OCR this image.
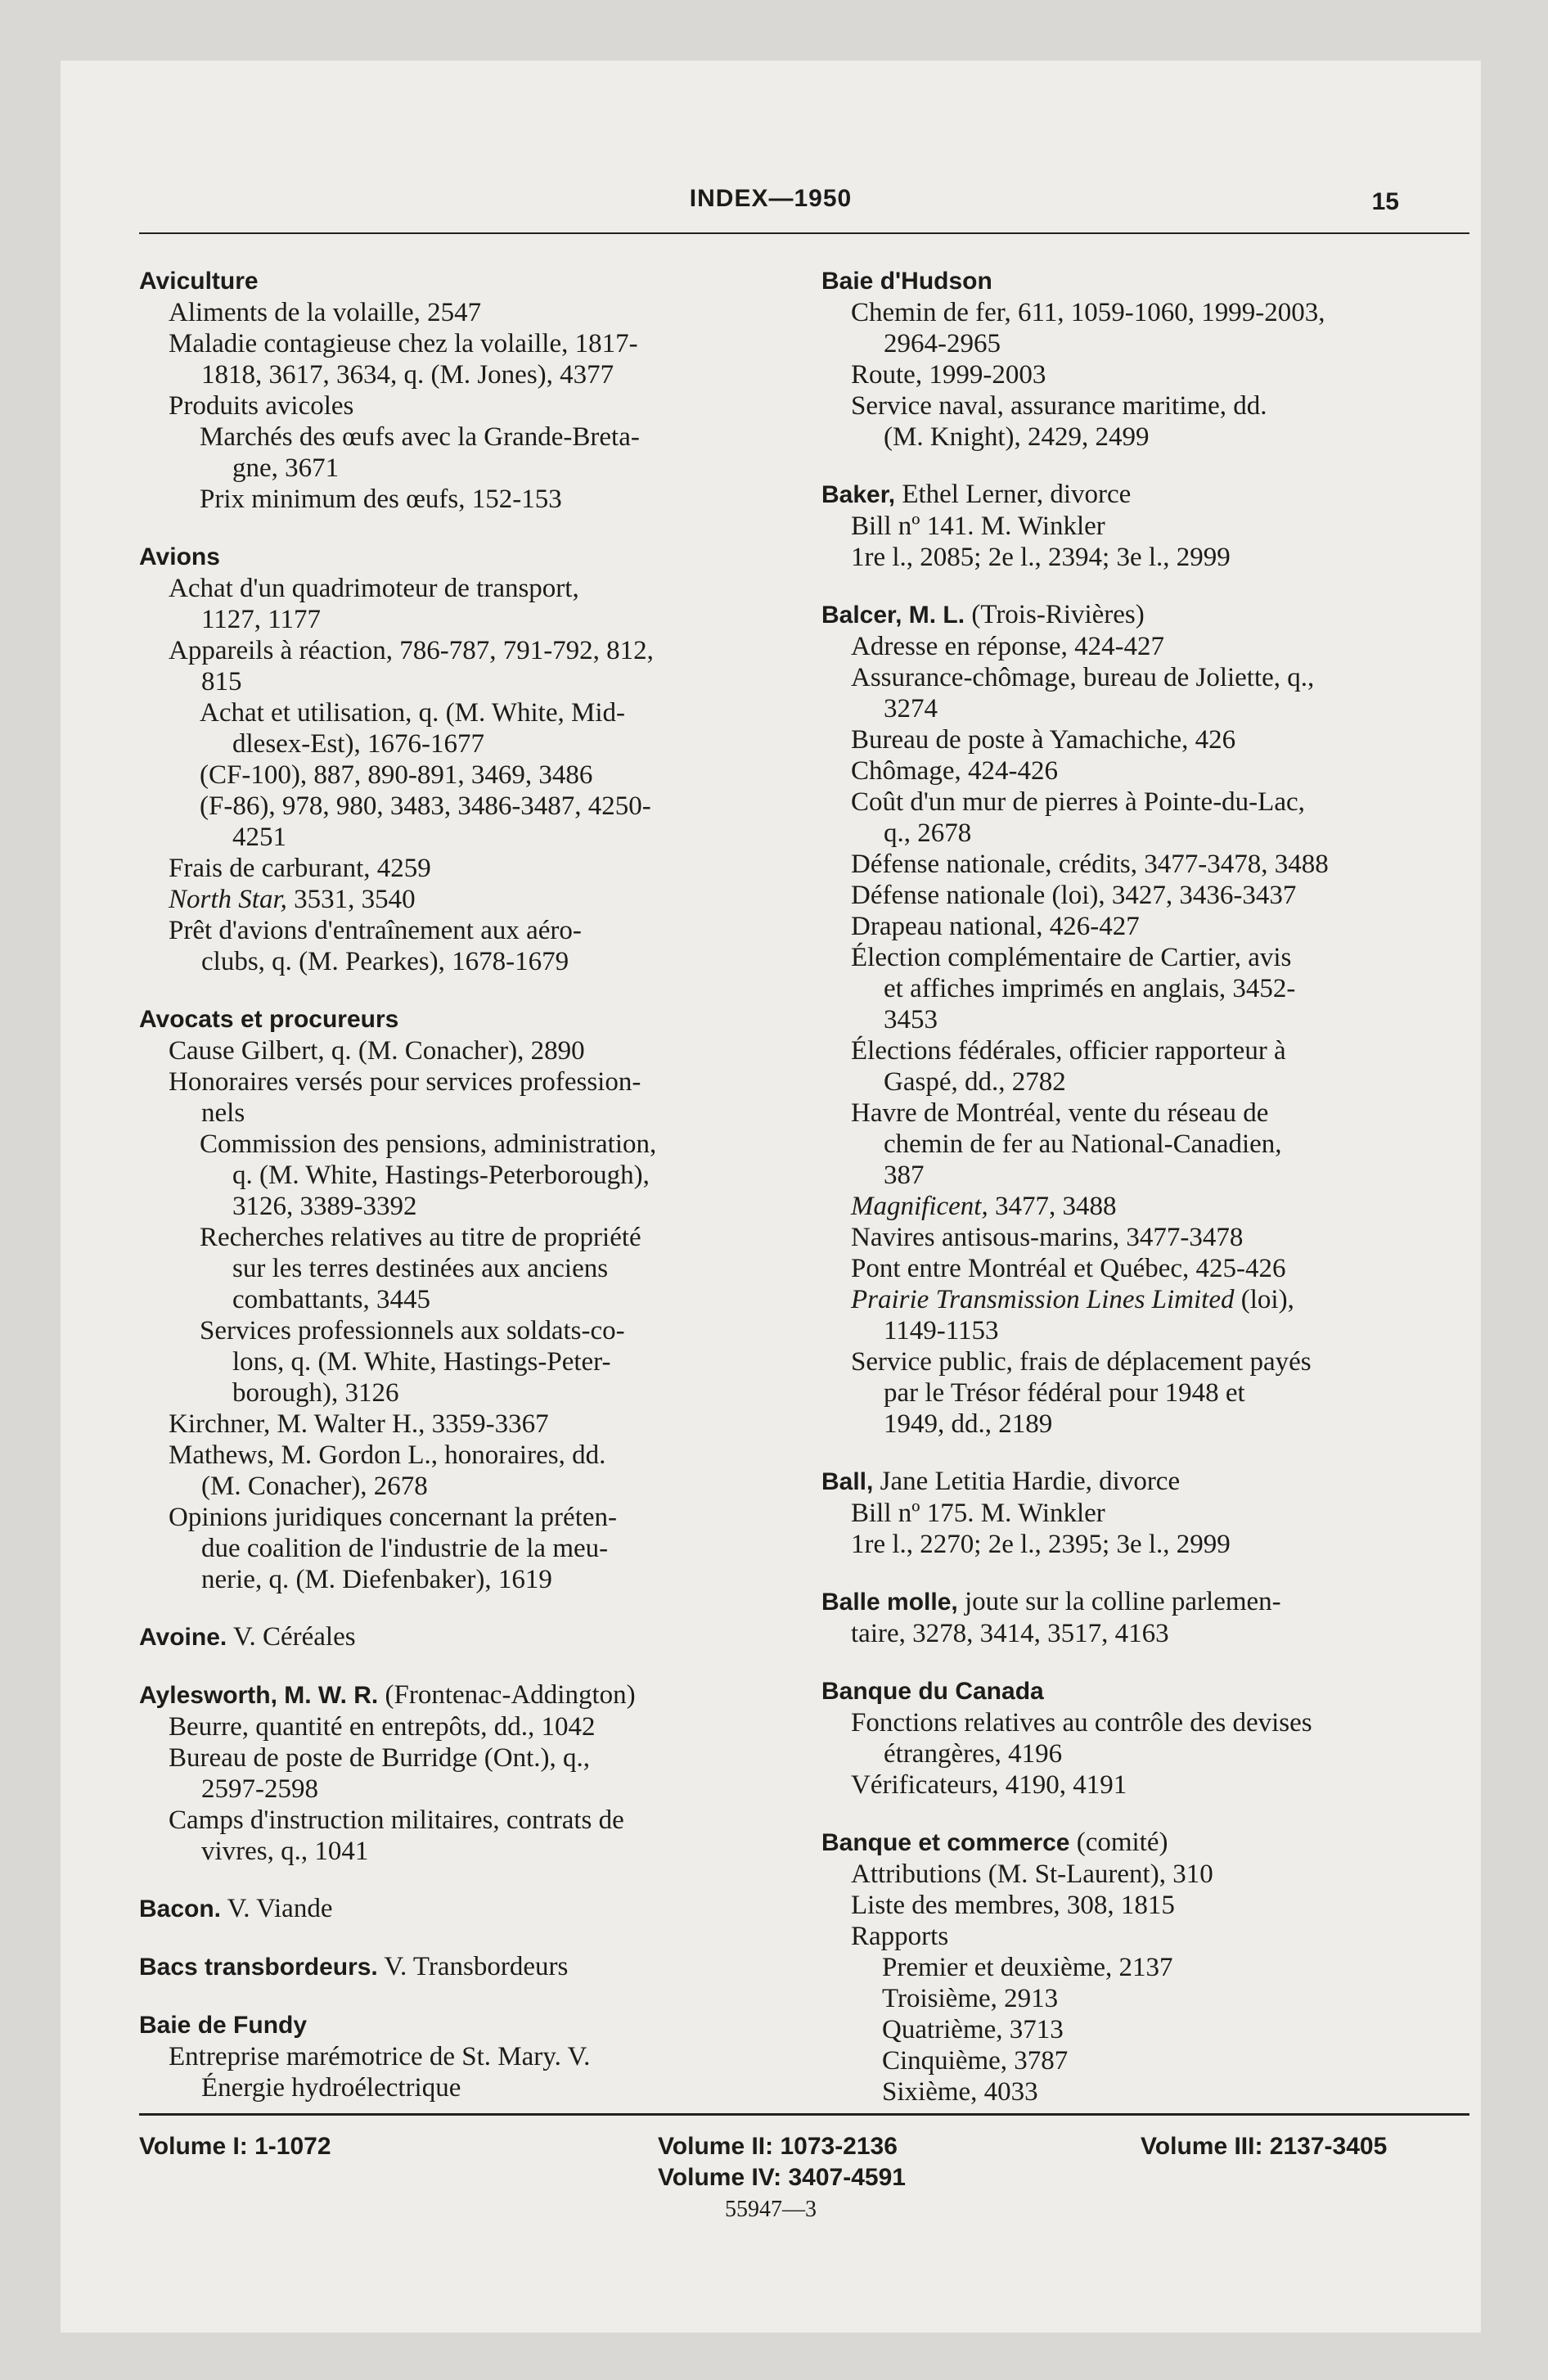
INDEX—1950	15
Aviculture
Aliments de la volaille, 2547
Maladie contagieuse chez la volaille, 1817-
1818, 3617, 3634, q. (M. Jones), 4377
Produits avicoles
Marchés des œufs avec la Grande-Breta-
gne, 3671
Prix minimum des œufs, 152-153
Avions
Achat d'un quadrimoteur de transport,
1127, 1177
Appareils à réaction, 786-787, 791-792, 812,
815
Achat et utilisation, q. (M. White, Mid-
dlesex-Est), 1676-1677
(CF-100), 887, 890-891, 3469, 3486
(F-86), 978, 980, 3483, 3486-3487, 4250-
4251
Frais de carburant, 4259
North Star, 3531, 3540
Prêt d'avions d'entraînement aux aéro-
clubs, q. (M. Pearkes), 1678-1679
Avocats et procureurs
Cause Gilbert, q. (M. Conacher), 2890
Honoraires versés pour services profession-
nels
Commission des pensions, administration,
q. (M. White, Hastings-Peterborough),
3126, 3389-3392
Recherches relatives au titre de propriété
sur les terres destinées aux anciens
combattants, 3445
Services professionnels aux soldats-co-
lons, q. (M. White, Hastings-Peter-
borough), 3126
Kirchner, M. Walter H., 3359-3367
Mathews, M. Gordon L., honoraires, dd.
(M. Conacher), 2678
Opinions juridiques concernant la préten-
due coalition de l'industrie de la meu-
nerie, q. (M. Diefenbaker), 1619
Avoine. V. Céréales
Aylesworth, M. W. R. (Frontenac-Addington)
Beurre, quantité en entrepôts, dd., 1042
Bureau de poste de Burridge (Ont.), q.,
2597-2598
Camps d'instruction militaires, contrats de
vivres, q., 1041
Bacon. V. Viande
Bacs transbordeurs. V. Transbordeurs
Baie de Fundy
Entreprise marémotrice de St. Mary. V.
Énergie hydroélectrique
Baie d'Hudson
Chemin de fer, 611, 1059-1060, 1999-2003,
2964-2965
Route, 1999-2003
Service naval, assurance maritime, dd.
(M. Knight), 2429, 2499
Baker, Ethel Lerner, divorce
Bill nº 141. M. Winkler
1re l., 2085; 2e l., 2394; 3e l., 2999
Balcer, M. L. (Trois-Rivières)
Adresse en réponse, 424-427
Assurance-chômage, bureau de Joliette, q.,
3274
Bureau de poste à Yamachiche, 426
Chômage, 424-426
Coût d'un mur de pierres à Pointe-du-Lac,
q., 2678
Défense nationale, crédits, 3477-3478, 3488
Défense nationale (loi), 3427, 3436-3437
Drapeau national, 426-427
Élection complémentaire de Cartier, avis
et affiches imprimés en anglais, 3452-
3453
Élections fédérales, officier rapporteur à
Gaspé, dd., 2782
Havre de Montréal, vente du réseau de
chemin de fer au National-Canadien,
387
Magnificent, 3477, 3488
Navires antisous-marins, 3477-3478
Pont entre Montréal et Québec, 425-426
Prairie Transmission Lines Limited (loi),
1149-1153
Service public, frais de déplacement payés
par le Trésor fédéral pour 1948 et
1949, dd., 2189
Ball, Jane Letitia Hardie, divorce
Bill nº 175. M. Winkler
1re l., 2270; 2e l., 2395; 3e l., 2999
Balle molle, joute sur la colline parlemen-
taire, 3278, 3414, 3517, 4163
Banque du Canada
Fonctions relatives au contrôle des devises
étrangères, 4196
Vérificateurs, 4190, 4191
Banque et commerce (comité)
Attributions (M. St-Laurent), 310
Liste des membres, 308, 1815
Rapports
Premier et deuxième, 2137
Troisième, 2913
Quatrième, 3713
Cinquième, 3787
Sixième, 4033
Volume I: 1-1072	Volume II: 1073-2136
Volume IV: 3407-4591
Volume III: 2137-3405
55947—3
